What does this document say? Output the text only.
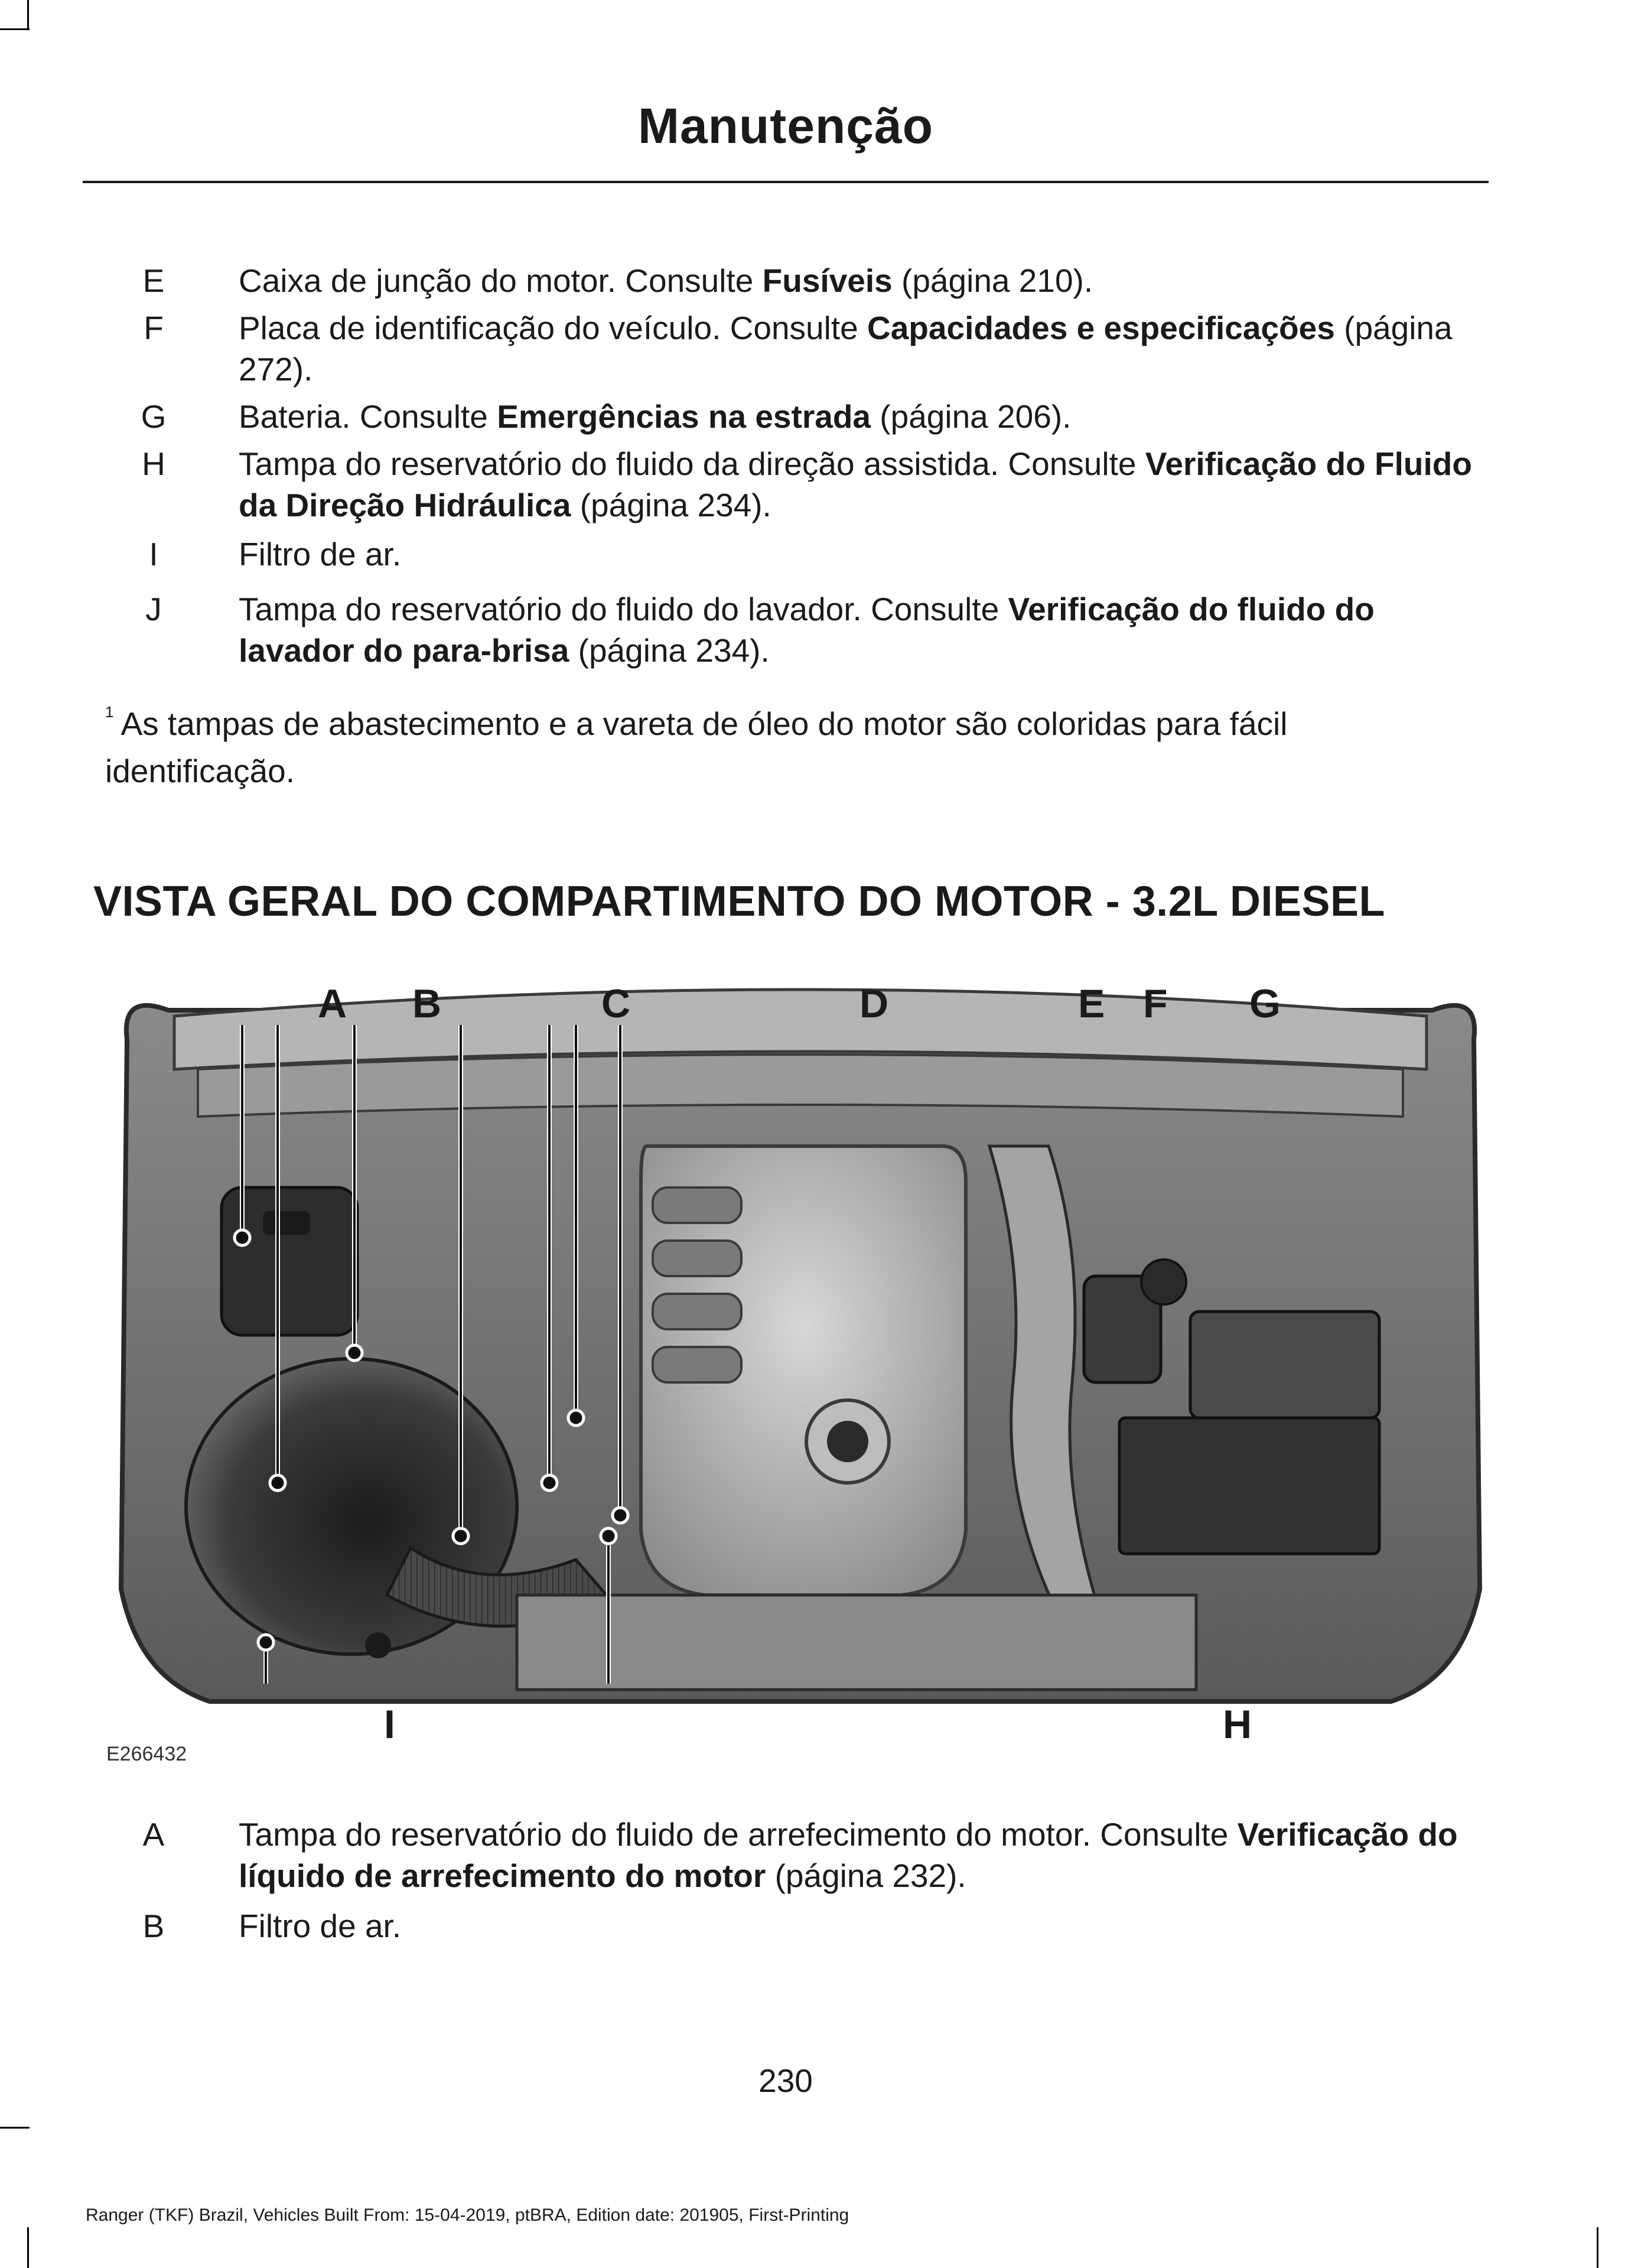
Manutenção
E Caixa de junção do motor. Consulte Fusíveis (página 210).
F Placa de identificação do veículo. Consulte Capacidades e especificações (página 272).
G Bateria. Consulte Emergências na estrada (página 206).
H Tampa do reservatório do fluido da direção assistida. Consulte Verificação do Fluido da Direção Hidráulica (página 234).
I	Filtro de ar.
J Tampa do reservatório do fluido do lavador. Consulte Verificação do fluido do lavador do para-brisa (página 234).
$^1$ As tampas de abastecimento e a vareta de óleo do motor são coloridas para fácil identificação.
VISTA GERAL DO COMPARTIMENTO DO MOTOR - 3.2L DIESEL
A B	C	D	E F G
H
I
E266432
A Tampa do reservatório do fluido de arrefecimento do motor. Consulte Verificação do líquido de arrefecimento do motor (página 232).
B Filtro de ar.
230
Ranger (TKF) Brazil, Vehicles Built From: 15-04-2019, ptBRA, Edition date: 201905, First-Printing
